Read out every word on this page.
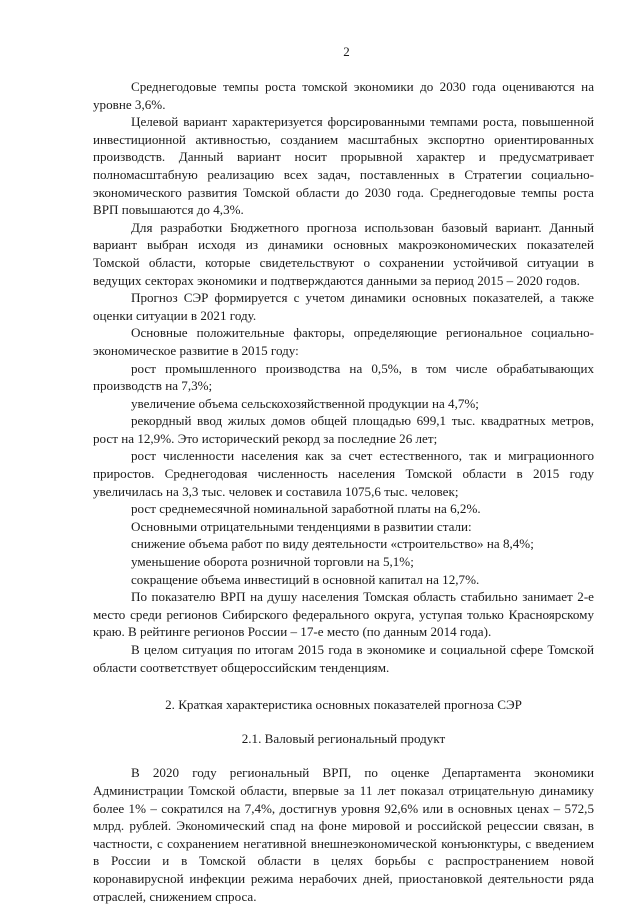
2

Среднегодовые темпы роста томской экономики до 2030 года оцениваются на уровне 3,6%.

Целевой вариант характеризуется форсированными темпами роста, повышенной инвестиционной активностью, созданием масштабных экспортно ориентированных производств. Данный вариант носит прорывной характер и предусматривает полномасштабную реализацию всех задач, поставленных в Стратегии социально-экономического развития Томской области до 2030 года. Среднегодовые темпы роста ВРП повышаются до 4,3%.

Для разработки Бюджетного прогноза использован базовый вариант. Данный вариант выбран исходя из динамики основных макроэкономических показателей Томской области, которые свидетельствуют о сохранении устойчивой ситуации в ведущих секторах экономики и подтверждаются данными за период 2015 – 2020 годов.

Прогноз СЭР формируется с учетом динамики основных показателей, а также оценки ситуации в 2021 году.

Основные положительные факторы, определяющие региональное социально-экономическое развитие в 2015 году:

рост промышленного производства на 0,5%, в том числе обрабатывающих производств на 7,3%;

увеличение объема сельскохозяйственной продукции на 4,7%;

рекордный ввод жилых домов общей площадью 699,1 тыс. квадратных метров, рост на 12,9%. Это исторический рекорд за последние 26 лет;

рост численности населения как за счет естественного, так и миграционного приростов. Среднегодовая численность населения Томской области в 2015 году увеличилась на 3,3 тыс. человек и составила 1075,6 тыс. человек;

рост среднемесячной номинальной заработной платы на 6,2%.

Основными отрицательными тенденциями в развитии стали:

снижение объема работ по виду деятельности «строительство» на 8,4%;

уменьшение оборота розничной торговли на 5,1%;

сокращение объема инвестиций в основной капитал на 12,7%.

По показателю ВРП на душу населения Томская область стабильно занимает 2-е место среди регионов Сибирского федерального округа, уступая только Красноярскому краю. В рейтинге регионов России – 17-е место (по данным 2014 года).

В целом ситуация по итогам 2015 года в экономике и социальной сфере Томской области соответствует общероссийским тенденциям.

2. Краткая характеристика основных показателей прогноза СЭР

2.1. Валовый региональный продукт

В 2020 году региональный ВРП, по оценке Департамента экономики Администрации Томской области, впервые за 11 лет показал отрицательную динамику более 1% – сократился на 7,4%, достигнув уровня 92,6% или в основных ценах – 572,5 млрд. рублей. Экономический спад на фоне мировой и российской рецессии связан, в частности, с сохранением негативной внешнеэкономической конъюнктуры, с введением в России и в Томской области в целях борьбы с распространением новой коронавирусной инфекции режима нерабочих дней, приостановкой деятельности ряда отраслей, снижением спроса.
